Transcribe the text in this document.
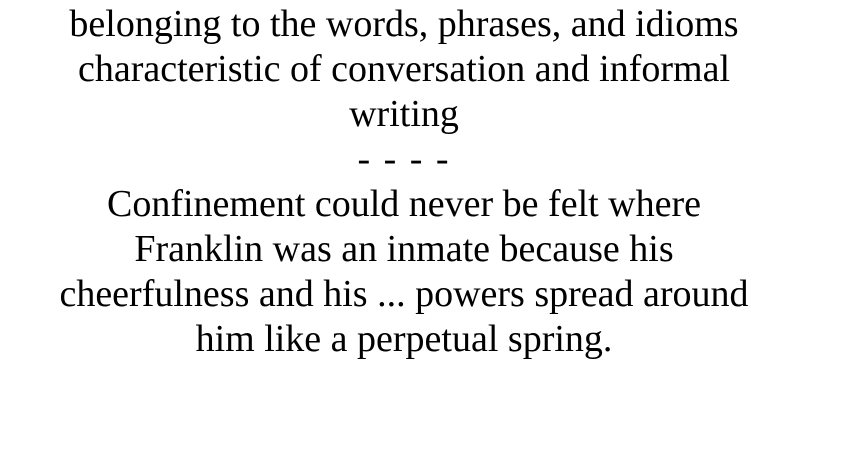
belonging to the words, phrases, and idioms
characteristic of conversation and informal
writing
- - - -
Confinement could never be felt where
Franklin was an inmate because his
cheerfulness and his ... powers spread around
him like a perpetual spring.
